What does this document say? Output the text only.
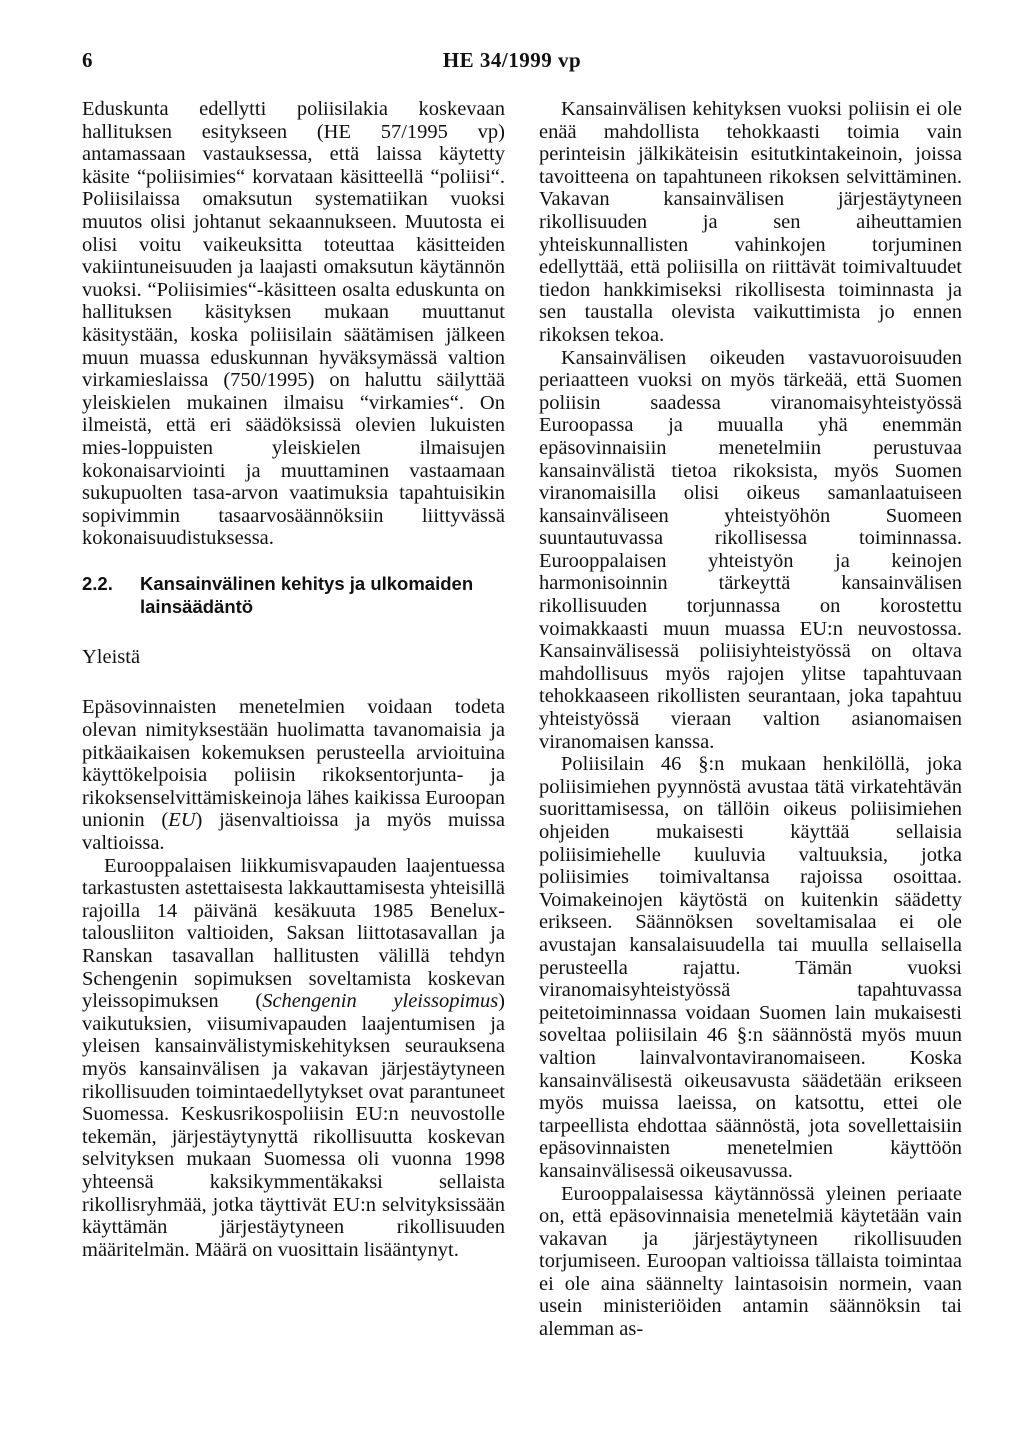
6	HE 34/1999 vp

Eduskunta edellytti poliisilakia koskevaan hallituksen esitykseen (HE 57/1995 vp) antamassaan vastauksessa, että laissa käytetty käsite “poliisimies“ korvataan käsitteellä “poliisi“. Poliisilaissa omaksutun systematiikan vuoksi muutos olisi johtanut sekaannukseen. Muutosta ei olisi voitu vaikeuksitta toteuttaa käsitteiden vakiintuneisuuden ja laajasti omaksutun käytännön vuoksi. “Poliisimies“-käsitteen osalta eduskunta on hallituksen käsityksen mukaan muuttanut käsitystään, koska poliisilain säätämisen jälkeen muun muassa eduskunnan hyväksymässä valtion virkamieslaissa (750/1995) on haluttu säilyttää yleiskielen mukainen ilmaisu “virkamies“. On ilmeistä, että eri säädöksissä olevien lukuisten mies-loppuisten yleiskielen ilmaisujen kokonaisarviointi ja muuttaminen vastaamaan sukupuolten tasa-arvon vaatimuksia tapahtuisikin sopivimmin tasaarvosäännöksiin liittyvässä kokonaisuudistuksessa.

2.2.	Kansainvälinen kehitys ja ulkomaiden lainsäädäntö
Yleistä

Epäsovinnaisten menetelmien voidaan todeta olevan nimityksestään huolimatta tavanomaisia ja pitkäaikaisen kokemuksen perusteella arvioituina käyttökelpoisia poliisin rikoksentorjunta- ja rikoksenselvittämiskeinoja lähes kaikissa Euroopan unionin (EU) jäsenvaltioissa ja myös muissa valtioissa.

Eurooppalaisen liikkumisvapauden laajentuessa tarkastusten astettaisesta lakkauttamisesta yhteisillä rajoilla 14 päivänä kesäkuuta 1985 Benelux-talousliiton valtioiden, Saksan liittotasavallan ja Ranskan tasavallan hallitusten välillä tehdyn Schengenin sopimuksen soveltamista koskevan yleissopimuksen (Schengenin yleissopimus) vaikutuksien, viisumivapauden laajentumisen ja yleisen kansainvälistymiskehityksen seurauksena myös kansainvälisen ja vakavan järjestäytyneen rikollisuuden toimintaedellytykset ovat parantuneet Suomessa. Keskusrikospoliisin EU:n neuvostolle tekemän, järjestäytynyttä rikollisuutta koskevan selvityksen mukaan Suomessa oli vuonna 1998 yhteensä kaksikymmentäkaksi sellaista rikollisryhmää, jotka täyttivät EU:n selvityksissään käyttämän järjestäytyneen rikollisuuden määritelmän. Määrä on vuosittain lisääntynyt.

Kansainvälisen kehityksen vuoksi poliisin ei ole enää mahdollista tehokkaasti toimia vain perinteisin jälkikäteisin esitutkintakeinoin, joissa tavoitteena on tapahtuneen rikoksen selvittäminen. Vakavan kansainvälisen järjestäytyneen rikollisuuden ja sen aiheuttamien yhteiskunnallisten vahinkojen torjuminen edellyttää, että poliisilla on riittävät toimivaltuudet tiedon hankkimiseksi rikollisesta toiminnasta ja sen taustalla olevista vaikuttimista jo ennen rikoksen tekoa.

Kansainvälisen oikeuden vastavuoroisuuden periaatteen vuoksi on myös tärkeää, että Suomen poliisin saadessa viranomaisyhteistyössä Euroopassa ja muualla yhä enemmän epäsovinnaisiin menetelmiin perustuvaa kansainvälistä tietoa rikoksista, myös Suomen viranomaisilla olisi oikeus samanlaatuiseen kansainväliseen yhteistyöhön Suomeen suuntautuvassa rikollisessa toiminnassa. Eurooppalaisen yhteistyön ja keinojen harmonisoinnin tärkeyttä kansainvälisen rikollisuuden torjunnassa on korostettu voimakkaasti muun muassa EU:n neuvostossa. Kansainvälisessä poliisiyhteistyössä on oltava mahdollisuus myös rajojen ylitse tapahtuvaan tehokkaaseen rikollisten seurantaan, joka tapahtuu yhteistyössä vieraan valtion asianomaisen viranomaisen kanssa.

Poliisilain 46 §:n mukaan henkilöllä, joka poliisimiehen pyynnöstä avustaa tätä virkatehtävän suorittamisessa, on tällöin oikeus poliisimiehen ohjeiden mukaisesti käyttää sellaisia poliisimiehelle kuuluvia valtuuksia, jotka poliisimies toimivaltansa rajoissa osoittaa. Voimakeinojen käytöstä on kuitenkin säädetty erikseen. Säännöksen soveltamisalaa ei ole avustajan kansalaisuudella tai muulla sellaisella perusteella rajattu. Tämän vuoksi viranomaisyhteistyössä tapahtuvassa peitetoiminnassa voidaan Suomen lain mukaisesti soveltaa poliisilain 46 §:n säännöstä myös muun valtion lainvalvontaviranomaiseen. Koska kansainvälisestä oikeusavusta säädetään erikseen myös muissa laeissa, on katsottu, ettei ole tarpeellista ehdottaa säännöstä, jota sovellettaisiin epäsovinnaisten menetelmien käyttöön kansainvälisessä oikeusavussa.

Eurooppalaisessa käytännössä yleinen periaate on, että epäsovinnaisia menetelmiä käytetään vain vakavan ja järjestäytyneen rikollisuuden torjumiseen. Euroopan valtioissa tällaista toimintaa ei ole aina säännelty laintasoisin normein, vaan usein ministeriöiden antamin säännöksin tai alemman as-
